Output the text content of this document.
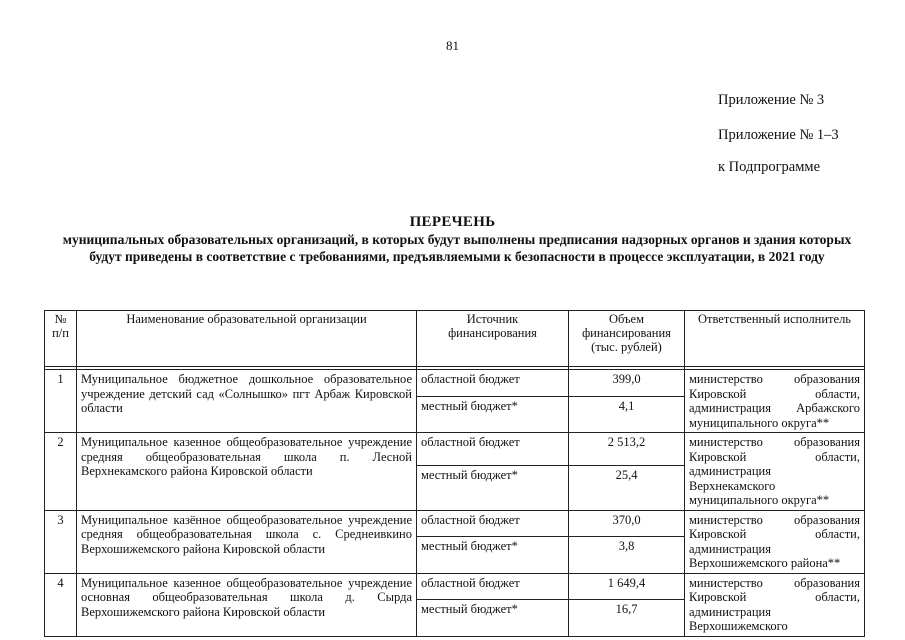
81
Приложение № 3
Приложение № 1–3
к Подпрограмме
ПЕРЕЧЕНЬ
муниципальных образовательных организаций, в которых будут выполнены предписания надзорных органов и здания которых будут приведены в соответствие с требованиями, предъявляемыми к безопасности в процессе эксплуатации, в 2021 году
№ п/п	Наименование образовательной организации	Источник финансирования	Объем финансирования (тыс. рублей)	Ответственный исполнитель

1	Муниципальное бюджетное дошкольное образовательное учреждение детский сад «Солнышко» пгт Арбаж Кировской области	областной бюджет	399,0	министерство образования Кировской области, администрация Арбажского муниципального округа**
		местный бюджет*	4,1	
2	Муниципальное казенное общеобразовательное учреждение средняя общеобразовательная школа п. Лесной Верхнекамского района Кировской области	областной бюджет	2 513,2	министерство образования Кировской области, администрация Верхнекамского муниципального округа**
		местный бюджет*	25,4	
3	Муниципальное казённое общеобразовательное учреждение средняя общеобразовательная школа с. Среднеивкино Верхошижемского района Кировской области	областной бюджет	370,0	министерство образования Кировской области, администрация Верхошижемского района**
		местный бюджет*	3,8	
4	Муниципальное казенное общеобразовательное учреждение основная общеобразовательная школа д. Сырда Верхошижемского района Кировской области	областной бюджет	1 649,4	министерство образования Кировской области, администрация Верхошижемского
		местный бюджет*	16,7	
